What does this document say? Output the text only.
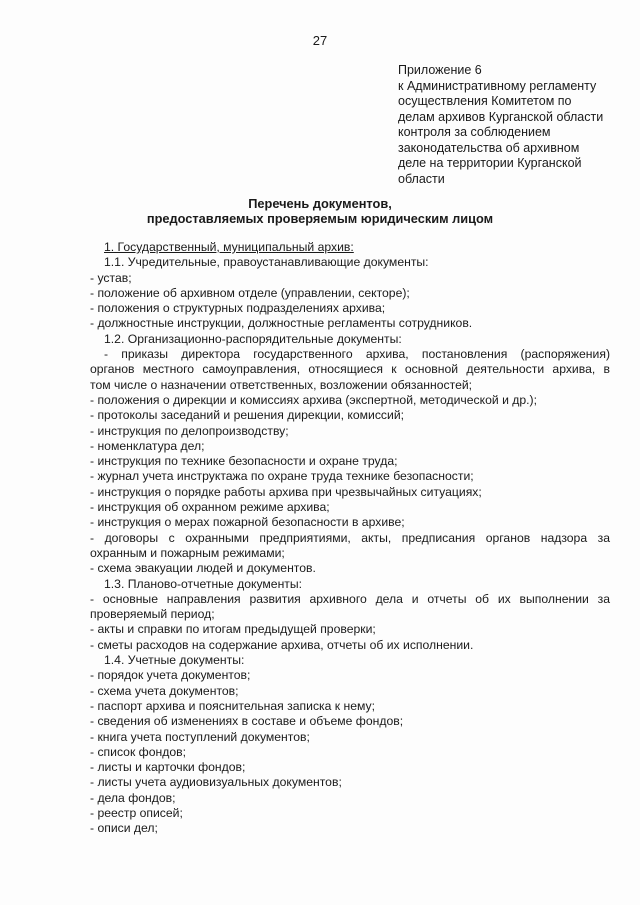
27
Приложение 6
к Административному регламенту
осуществления Комитетом по
делам архивов Курганской области
контроля за соблюдением
законодательства об архивном
деле на территории Курганской
области
Перечень документов,
предоставляемых проверяемым юридическим лицом
1. Государственный, муниципальный архив:
1.1. Учредительные, правоустанавливающие документы:
- устав;
- положение об архивном отделе (управлении, секторе);
- положения о структурных подразделениях архива;
- должностные инструкции, должностные регламенты сотрудников.
1.2. Организационно-распорядительные документы:
- приказы директора государственного архива, постановления (распоряжения)
органов местного самоуправления, относящиеся к основной деятельности архива, в
том числе о назначении ответственных, возложении обязанностей;
- положения о дирекции и комиссиях архива (экспертной, методической и др.);
- протоколы заседаний и решения дирекции, комиссий;
- инструкция по делопроизводству;
- номенклатура дел;
- инструкция по технике безопасности и охране труда;
- журнал учета инструктажа по охране труда технике безопасности;
- инструкция о порядке работы архива при чрезвычайных ситуациях;
- инструкция об охранном режиме архива;
- инструкция о мерах пожарной безопасности в архиве;
- договоры с охранными предприятиями, акты, предписания органов надзора за
охранным и пожарным режимами;
- схема эвакуации людей и документов.
1.3. Планово-отчетные документы:
- основные направления развития архивного дела и отчеты об их выполнении за
проверяемый период;
- акты и справки по итогам предыдущей проверки;
- сметы расходов на содержание архива, отчеты об их исполнении.
1.4. Учетные документы:
- порядок учета документов;
- схема учета документов;
- паспорт архива и пояснительная записка к нему;
- сведения об изменениях в составе и объеме фондов;
- книга учета поступлений документов;
- список фондов;
- листы и карточки фондов;
- листы учета аудиовизуальных документов;
- дела фондов;
- реестр описей;
- описи дел;
